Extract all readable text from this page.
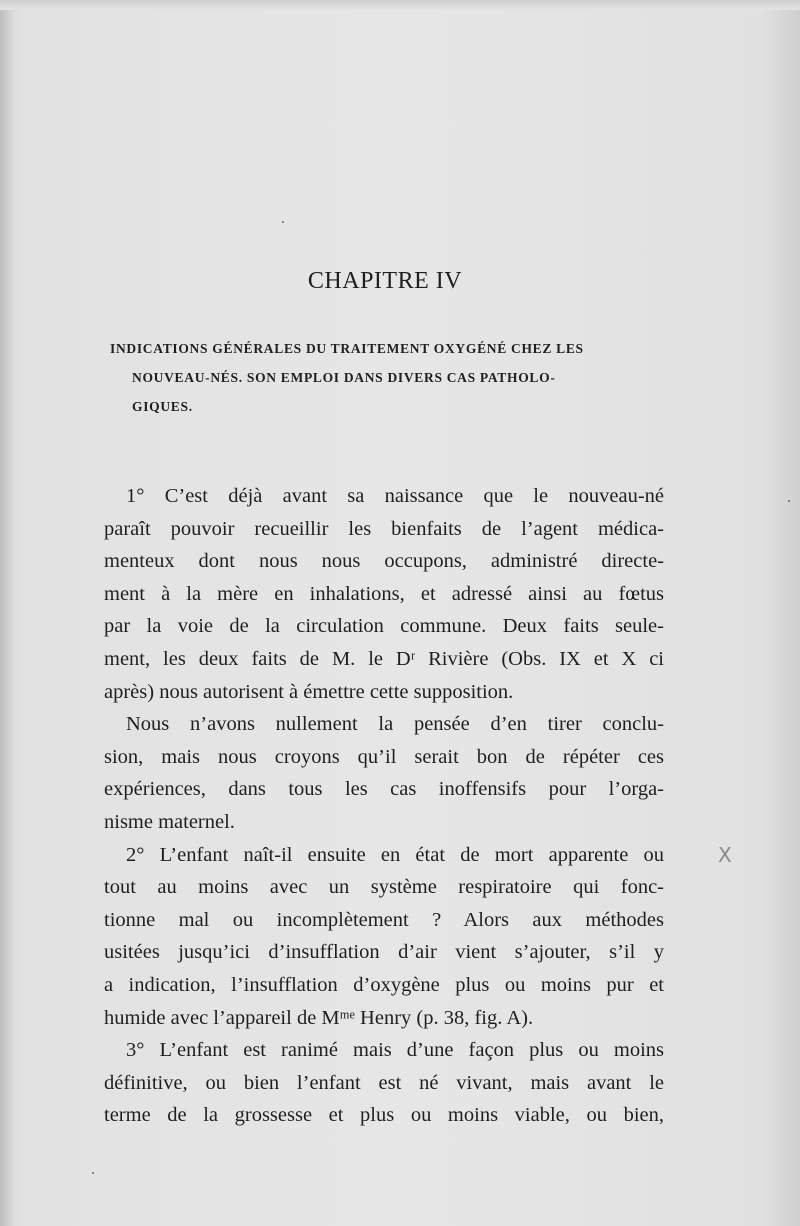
CHAPITRE IV
INDICATIONS GÉNÉRALES DU TRAITEMENT OXYGÉNÉ CHEZ LES
NOUVEAU-NÉS. SON EMPLOI DANS DIVERS CAS PATHOLO-
GIQUES.
1° C’est déjà avant sa naissance que le nouveau-né
paraît pouvoir recueillir les bienfaits de l’agent médica-
menteux dont nous nous occupons, administré directe-
ment à la mère en inhalations, et adressé ainsi au fœtus
par la voie de la circulation commune. Deux faits seule-
ment, les deux faits de M. le Dʳ Rivière (Obs. IX et X ci
après) nous autorisent à émettre cette supposition.
Nous n’avons nullement la pensée d’en tirer conclu-
sion, mais nous croyons qu’il serait bon de répéter ces
expériences, dans tous les cas inoffensifs pour l’orga-
nisme maternel.
2° L’enfant naît-il ensuite en état de mort apparente ou
tout au moins avec un système respiratoire qui fonc-
tionne mal ou incomplètement ? Alors aux méthodes
usitées jusqu’ici d’insufflation d’air vient s’ajouter, s’il y
a indication, l’insufflation d’oxygène plus ou moins pur et
humide avec l’appareil de Mᵐᵉ Henry (p. 38, fig. A).
3° L’enfant est ranimé mais d’une façon plus ou moins
définitive, ou bien l’enfant est né vivant, mais avant le
terme de la grossesse et plus ou moins viable, ou bien,
X
